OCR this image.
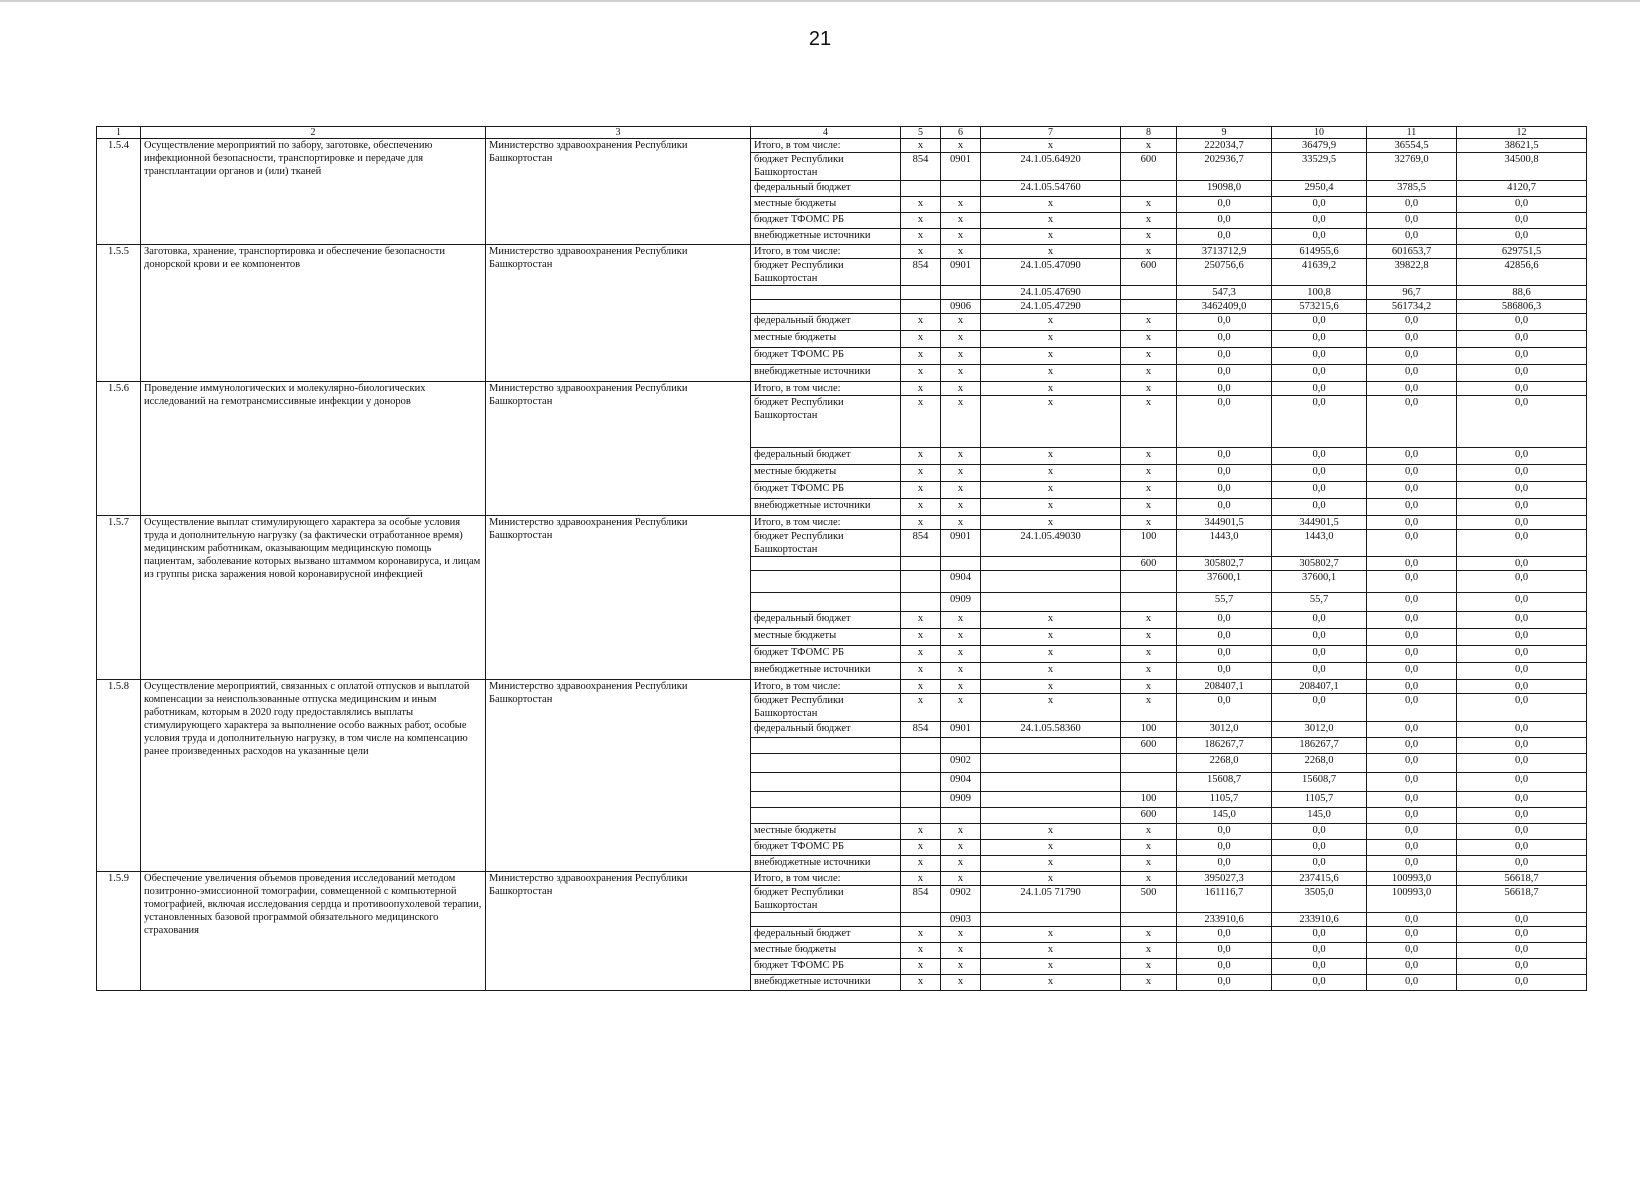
21
1	2	3	4	5	6	7	8	9	10	11	12
1.5.4	Осуществление мероприятий по забору, заготовке, обеспечению инфекционной безопасности, транспортировке и передаче для трансплантации органов и (или) тканей	Министерство здравоохранения Республики Башкортостан	Итого, в том числе:	x	x	x	x	222034,7	36479,9	36554,5	38621,5
			бюджет Республики Башкортостан	854	0901	24.1.05.64920	600	202936,7	33529,5	32769,0	34500,8
			федеральный бюджет			24.1.05.54760		19098,0	2950,4	3785,5	4120,7
			местные бюджеты	x	x	x	x	0,0	0,0	0,0	0,0
			бюджет ТФОМС РБ	x	x	x	x	0,0	0,0	0,0	0,0
			внебюджетные источники	x	x	x	x	0,0	0,0	0,0	0,0
1.5.5	Заготовка, хранение, транспортировка и обеспечение безопасности донорской крови и ее компонентов	Министерство здравоохранения Республики Башкортостан	Итого, в том числе:	x	x	x	x	3713712,9	614955,6	601653,7	629751,5
			бюджет Республики Башкортостан	854	0901	24.1.05.47090	600	250756,6	41639,2	39822,8	42856,6
						24.1.05.47690		547,3	100,8	96,7	88,6
					0906	24.1.05.47290		3462409,0	573215,6	561734,2	586806,3
			федеральный бюджет	x	x	x	x	0,0	0,0	0,0	0,0
			местные бюджеты	x	x	x	x	0,0	0,0	0,0	0,0
			бюджет ТФОМС РБ	x	x	x	x	0,0	0,0	0,0	0,0
			внебюджетные источники	x	x	x	x	0,0	0,0	0,0	0,0
1.5.6	Проведение иммунологических и молекулярно-биологических исследований на гемотрансмиссивные инфекции у доноров	Министерство здравоохранения Республики Башкортостан	Итого, в том числе:	x	x	x	x	0,0	0,0	0,0	0,0
			бюджет Республики Башкортостан	x	x	x	x	0,0	0,0	0,0	0,0
			федеральный бюджет	x	x	x	x	0,0	0,0	0,0	0,0
			местные бюджеты	x	x	x	x	0,0	0,0	0,0	0,0
			бюджет ТФОМС РБ	x	x	x	x	0,0	0,0	0,0	0,0
			внебюджетные источники	x	x	x	x	0,0	0,0	0,0	0,0
1.5.7	Осуществление выплат стимулирующего характера за особые условия труда и дополнительную нагрузку (за фактически отработанное время) медицинским работникам, оказывающим медицинскую помощь пациентам, заболевание которых вызвано штаммом коронавируса, и лицам из группы риска заражения новой коронавирусной инфекцией	Министерство здравоохранения Республики Башкортостан	Итого, в том числе:	x	x	x	x	344901,5	344901,5	0,0	0,0
			бюджет Республики Башкортостан	854	0901	24.1.05.49030	100	1443,0	1443,0	0,0	0,0
							600	305802,7	305802,7	0,0	0,0
					0904			37600,1	37600,1	0,0	0,0
					0909			55,7	55,7	0,0	0,0
			федеральный бюджет	x	x	x	x	0,0	0,0	0,0	0,0
			местные бюджеты	x	x	x	x	0,0	0,0	0,0	0,0
			бюджет ТФОМС РБ	x	x	x	x	0,0	0,0	0,0	0,0
			внебюджетные источники	x	x	x	x	0,0	0,0	0,0	0,0
1.5.8	Осуществление мероприятий, связанных с оплатой отпусков и выплатой компенсации за неиспользованные отпуска медицинским и иным работникам, которым в 2020 году предоставлялись выплаты стимулирующего характера за выполнение особо важных работ, особые условия труда и дополнительную нагрузку, в том числе на компенсацию ранее произведенных расходов на указанные цели	Министерство здравоохранения Республики Башкортостан	Итого, в том числе:	x	x	x	x	208407,1	208407,1	0,0	0,0
			бюджет Республики Башкортостан	x	x	x	x	0,0	0,0	0,0	0,0
			федеральный бюджет	854	0901	24.1.05.58360	100	3012,0	3012,0	0,0	0,0
							600	186267,7	186267,7	0,0	0,0
					0902			2268,0	2268,0	0,0	0,0
					0904			15608,7	15608,7	0,0	0,0
					0909		100	1105,7	1105,7	0,0	0,0
							600	145,0	145,0	0,0	0,0
			местные бюджеты	x	x	x	x	0,0	0,0	0,0	0,0
			бюджет ТФОМС РБ	x	x	x	x	0,0	0,0	0,0	0,0
			внебюджетные источники	x	x	x	x	0,0	0,0	0,0	0,0
1.5.9	Обеспечение увеличения объемов проведения исследований методом позитронно-эмиссионной томографии, совмещенной с компьютерной томографией, включая исследования сердца и противоопухолевой терапии, установленных базовой программой обязательного медицинского страхования	Министерство здравоохранения Республики Башкортостан	Итого, в том числе:	x	x	x	x	395027,3	237415,6	100993,0	56618,7
			бюджет Республики Башкортостан	854	0902	24.1.05 71790	500	161116,7	3505,0	100993,0	56618,7
					0903			233910,6	233910,6	0,0	0,0
			федеральный бюджет	x	x	x	x	0,0	0,0	0,0	0,0
			местные бюджеты	x	x	x	x	0,0	0,0	0,0	0,0
			бюджет ТФОМС РБ	x	x	x	x	0,0	0,0	0,0	0,0
			внебюджетные источники	x	x	x	x	0,0	0,0	0,0	0,0
